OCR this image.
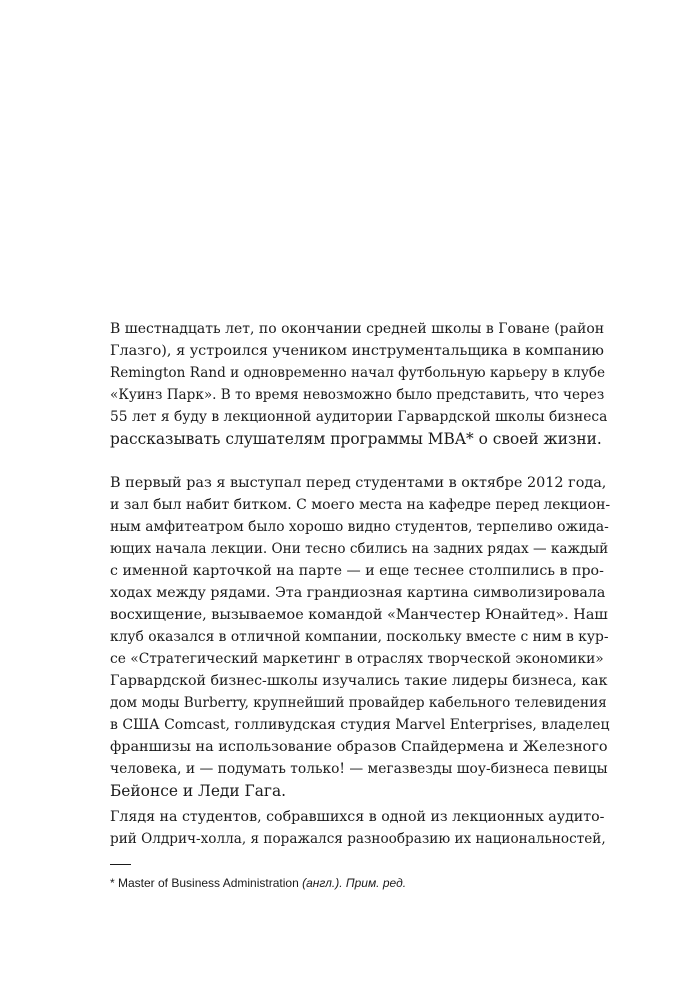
В шестнадцать лет, по окончании средней школы в Говане (район
Глазго), я устроился учеником инструментальщика в компанию
Remington Rand и одновременно начал футбольную карьеру в клубе
«Куинз Парк». В то время невозможно было представить, что через
55 лет я буду в лекционной аудитории Гарвардской школы бизнеса
рассказывать слушателям программы MBA* о своей жизни.
В первый раз я выступал перед студентами в октябре 2012 года,
и зал был набит битком. С моего места на кафедре перед лекцион-
ным амфитеатром было хорошо видно студентов, терпеливо ожида-
ющих начала лекции. Они тесно сбились на задних рядах — каждый
с именной карточкой на парте — и еще теснее столпились в про-
ходах между рядами. Эта грандиозная картина символизировала
восхищение, вызываемое командой «Манчестер Юнайтед». Наш
клуб оказался в отличной компании, поскольку вместе с ним в кур-
се «Стратегический маркетинг в отраслях творческой экономики»
Гарвардской бизнес-школы изучались такие лидеры бизнеса, как
дом моды Burberry, крупнейший провайдер кабельного телевидения
в США Comcast, голливудская студия Marvel Enterprises, владелец
франшизы на использование образов Спайдермена и Железного
человека, и — подумать только! — мегазвезды шоу-бизнеса певицы
Бейонсе и Леди Гага.
Глядя на студентов, собравшихся в одной из лекционных аудито-
рий Олдрич-холла, я поражался разнообразию их национальностей,
* Master of Business Administration (англ.). Прим. ред.
